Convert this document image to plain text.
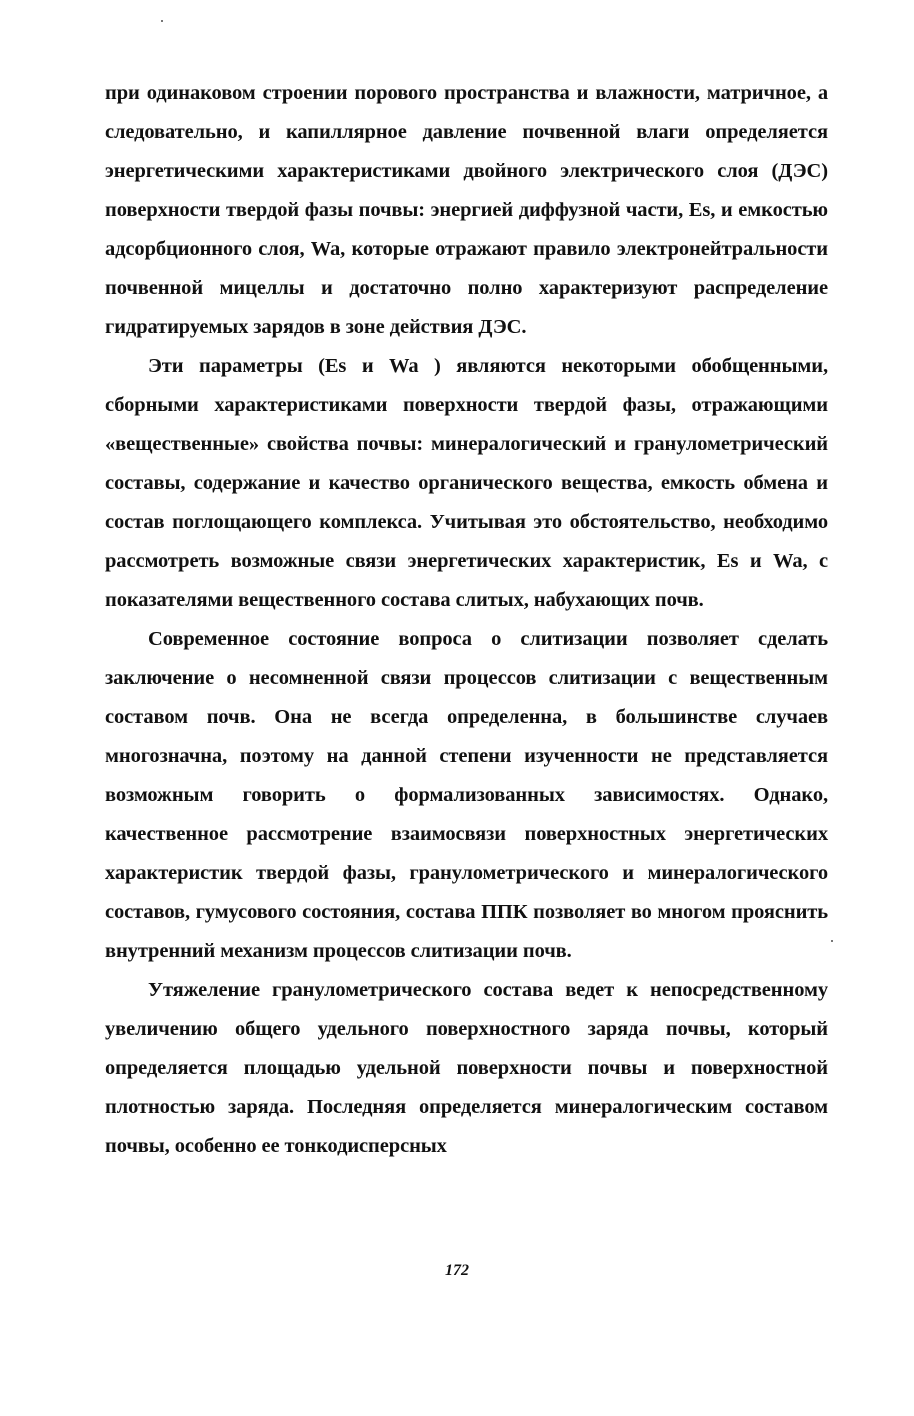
при одинаковом строении порового пространства и влажности, матричное, а следовательно, и капиллярное давление почвенной влаги определяется энергетическими характеристиками двойного электрического слоя (ДЭС) поверхности твердой фазы почвы: энергией диффузной части, Es, и емкостью адсорбционного слоя, Wa, которые отражают правило электронейтральности почвенной мицеллы и достаточно полно характеризуют распределение гидратируемых зарядов в зоне действия ДЭС.

Эти параметры (Es и Wa ) являются некоторыми обобщенными, сборными характеристиками поверхности твердой фазы, отражающими «вещественные» свойства почвы: минералогический и гранулометрический составы, содержание и качество органического вещества, емкость обмена и состав поглощающего комплекса. Учитывая это обстоятельство, необходимо рассмотреть возможные связи энергетических характеристик, Es и Wa, с показателями вещественного состава слитых, набухающих почв.

Современное состояние вопроса о слитизации позволяет сделать заключение о несомненной связи процессов слитизации с вещественным составом почв. Она не всегда определенна, в большинстве случаев многозначна, поэтому на данной степени изученности не представляется возможным говорить о формализованных зависимостях. Однако, качественное рассмотрение взаимосвязи поверхностных энергетических характеристик твердой фазы, гранулометрического и минералогического составов, гумусового состояния, состава ППК позволяет во многом прояснить внутренний механизм процессов слитизации почв.

Утяжеление гранулометрического состава ведет к непосредственному увеличению общего удельного поверхностного заряда почвы, который определяется площадью удельной поверхности почвы и поверхностной плотностью заряда. Последняя определяется минералогическим составом почвы, особенно ее тонкодисперсных

172
